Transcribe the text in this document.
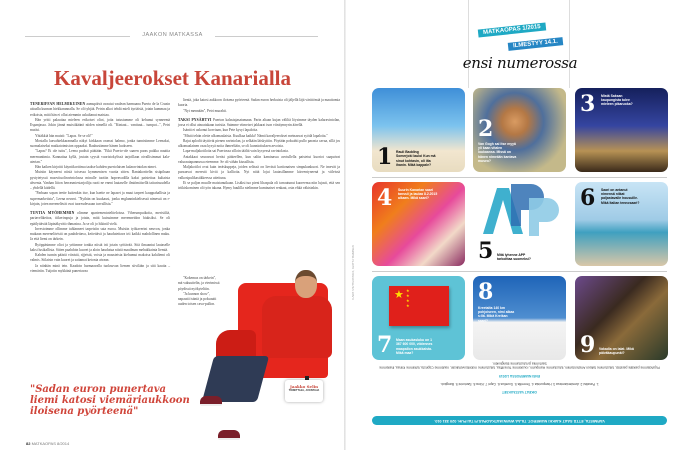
JAAKON MATKASSA
Kavaljeerokset Kanarialla

TENERIFFAN HELMIKUINEN aamupäivä avautui vaalean harmaana Puerto de la Cruzin aitoalla kunnon hiekkarannalla. Se oli tyhjää. Petrin alkoi tehdä mieli äyriäisiä, jotain kummaa ja erikoista, mitä hän ei ollut aiemmin uskaltanut maistaa.

Hän yritti palauttaa mieleen erikoiset oliot, joita tutustumme oli kehunut synneemä Espanjassa. Jokin jännä muistikäänö niiden nimellä oli. "Kintaat... vanttuut... tumput...", Petri mutisi.

Yhtäkkiä hän muisti: "Lapas. Se se oli!"

Mostalla laavahiekkarannalla näkyi kirkkaan oranssi hahmo, jonka tunnistimme Leenaksi, suomalaiseksi matkatoimiston oppaaksi. Raahustimme hänen luokseen.

"Lapas? Ei ole tuttu", Leena pudisti päätään. "Eikä Puerto-ole saaren paras paikka nauttia merenantimia. Kannattaa kyllä, jostain syystä vuoristokylissä tarjoillaan oivallisimmat kala-aterian."

Hän kaiken kirjoitti käyntikorttinsa taakse kahden puertolaisen kalaravintolan nimet.

Muistin käyneeni niistä toisessa kymmenisen vuotta sitten. Rantakorttelin sisäpihaan pystytetyssä muovituoliravintolassa minulle tuotiin hopeavadilla kaksi paistettua kultaista ahventa. Vanhan liiton herrasmiestarjoilija ruoti ne eneni lautaselle ilmiömäisellä taiturisuudella – yhdellä kädellä.

"Parhaan sopan teette kuitenkin itse, kun haette ne lapaset ja muut tarpeet kauppahallista ja supermarketista", Leena neuvoi. "Nythän on kuukausi, jonka englanninkielisessä nimessä on r-kirjain, joten merenelävät ovat tuoreudessaan turvallisia."

TUNTIA MYÖHEMMIN olimme apartementoteltteloissa. Viherumpuikoita, merisiiliä, pariavelikeitoa, tiikerirapuja ja jotain, mitä kutsuimme merenneidon hiuksiksi. Se oli epäilyttävää läpinäkyvää rihmasina. Ja se oli jo hikinäl vielä.

Investoimme ollimme tuhlanneet tarpeisiin sata euroa. Muistin työkaverini neuvon, jonka mukaan merenelävistä on paahdettava, keitettävä ja haudutettava irti kaikki mahdollinen maku. Ja että liemi on tärkein.

Ryöppäsimme oliot ja yritimme tonkia niistä irti jotain syötävää. Sitä ilmaantui lautaselle kaksi lusikallista. Sitten paahdoin kuoret ja aloin haudutua niistä maailman mehukkainta liemiä.

Kahden tunnin päästä viinistä, rijjeistä, voista ja mausteista kiehumut makoisa kalaliemi oli valmis. Siilaisin vain kuoret ja saitamat ketonia aivaan.

Ja niinhän minä tein. Kaadoin hurmaavalla tuoksuvan liemen siivilään ja sitä kautta – viemäriin. Tuijotin mykkänä punertavaa

lientä, joka katosi aukkoon iloisena pyörteenä. Sadan euron herkuista oli jäljellä läjä värittömiä ja mauttomia kuoria.

"Nyt mennään", Petri murahti.

TAKSI PYSÄHTYI Puerton kalastajasatamaan. Parin altaan kujan väliltä löysimme täyden kalaravintolan, jossa ei ollut ainoatakaan turistia. Saimme viimeiset jakkarat ison viinitynnyrin äärellä.

Isäntä ei uskonut korviaan, kun Pete kysyi lapaloita.

"Mistä tehän olette ulkomaalaisia. Kuulkaa kaikki! Nämä kavaljeerokset meinaavat syödä lapaloita."

Rajut aplodit täyttivät pienen ravintolan, ja selkään läiskyttiin. Pöytään poksahti pullo parasta cavaa, sillä jos ulkomaalainen osaa kysyä noita ihmeeliäin, se oli kunnioituksen arvoista.

Lapa-maljakotiloita sai Puertossa silloin täältä vain kysyessä ravintolasta.

Antakkaat seuraavat heräsi pääteellen, kun saliin kaminassa avotullella paistetut kuoriot saapuivat valurautapannussa eteemme. Se oli vähän kiusallista.

Maljakotilot ovat kuin teräskuppeja, joiden selässä on lievästi kartionaisen simpukankuori. Ne imevät ja pursaavat merestä kiviä ja kallioita. Nyt niitä lojui lautasillamme kärventyneenä ja viileissä valkosipulikastikkeessa uitettuna.

Ei se paljon muulle maistanutkaan. Lisäksi tuo pieni lihaspala oli tarrautunut kuoreensa niin lujasti, että sen irtikiskominen oli työn takana. Hymy huulilla nielimme kuminaiset renkaat, osin ehkä väkisinkin.

"Kokemus on tärkein", mä vakuuttelin, ja vierimissä pöydissä nyökyteltiin.

"Ja kunnon show", napautti isäntä ja poksautti uuden toisen cava-pullon.

Jaakko Selin
TOIMITTAJA, JUONTAJA
"Sadan euron punertava liemi katosi viemäriaukkoon iloisena pyörteenä"
82 MATKAOPAS 8/2014
KUVAT: SHUTTERSTOCK, KERTTU TAMMINEN
MATKAOPAS 1/2015
ILMESTYY 14.1.
ensi numerossa
1 Rauli Badding Somerjoki lauloi Kun mä sinut kohtasin, oli ilta ihanin. Mikä kappale?
2
Van Gogh sai itse myyä yli kaan vitalen loukaansa. Missä on hänen nimeään kantava museo?
3 Mistä Saksan kaupungista tulee mieleen pikaruoka?
4 Suurin Kanarian saari tanssii ja laulaa 8.2.2015 alkaen. Mikä saari?
5 Mitä lyhenne APP tarkoittaa suomeksi?
6 Saari on antanut nimensä niikat paljastavalle housuille. Mikä Italian tennosaari?
★ ★
★
★
★
7 Maan asukasluku on 1 367 600 000, viidennes maapallon asukkaista. Mikä maa?
8
Kreetalta 140 km pohjoiseen, nimi alkaa s:llä. Mikä Kreikan saari?
9 Vakadia on lalat. Mikä päiväkaupunki?
Pujahdamme paikalle paratiisi, tutustumme taiteen Amsterdamiin, tutustumme Hampuriin, rouskimme Teneriffaa, tutustumme mobiilisovelluksiin, nautimme Caprista, tutkimme Kiinaa, ihailemme Santorinia ja tutustumme Bangkokiin.
ENSI NUMEROSSA 1/2015
1. Paratiisi 2. Amsterdamissa 3. Hampurista 4. Teneriffa 5. Sovellus 6. Capri 7. Kiina 8. Santorini 9. Bangkok.
OIKEAT VASTAUKSET
VARMISTA, ETTÄ SAAT KAIKKI NUMEROT. TILAA WWW.MATKAOPAS.FI TAI PUH. 020 331 010.
